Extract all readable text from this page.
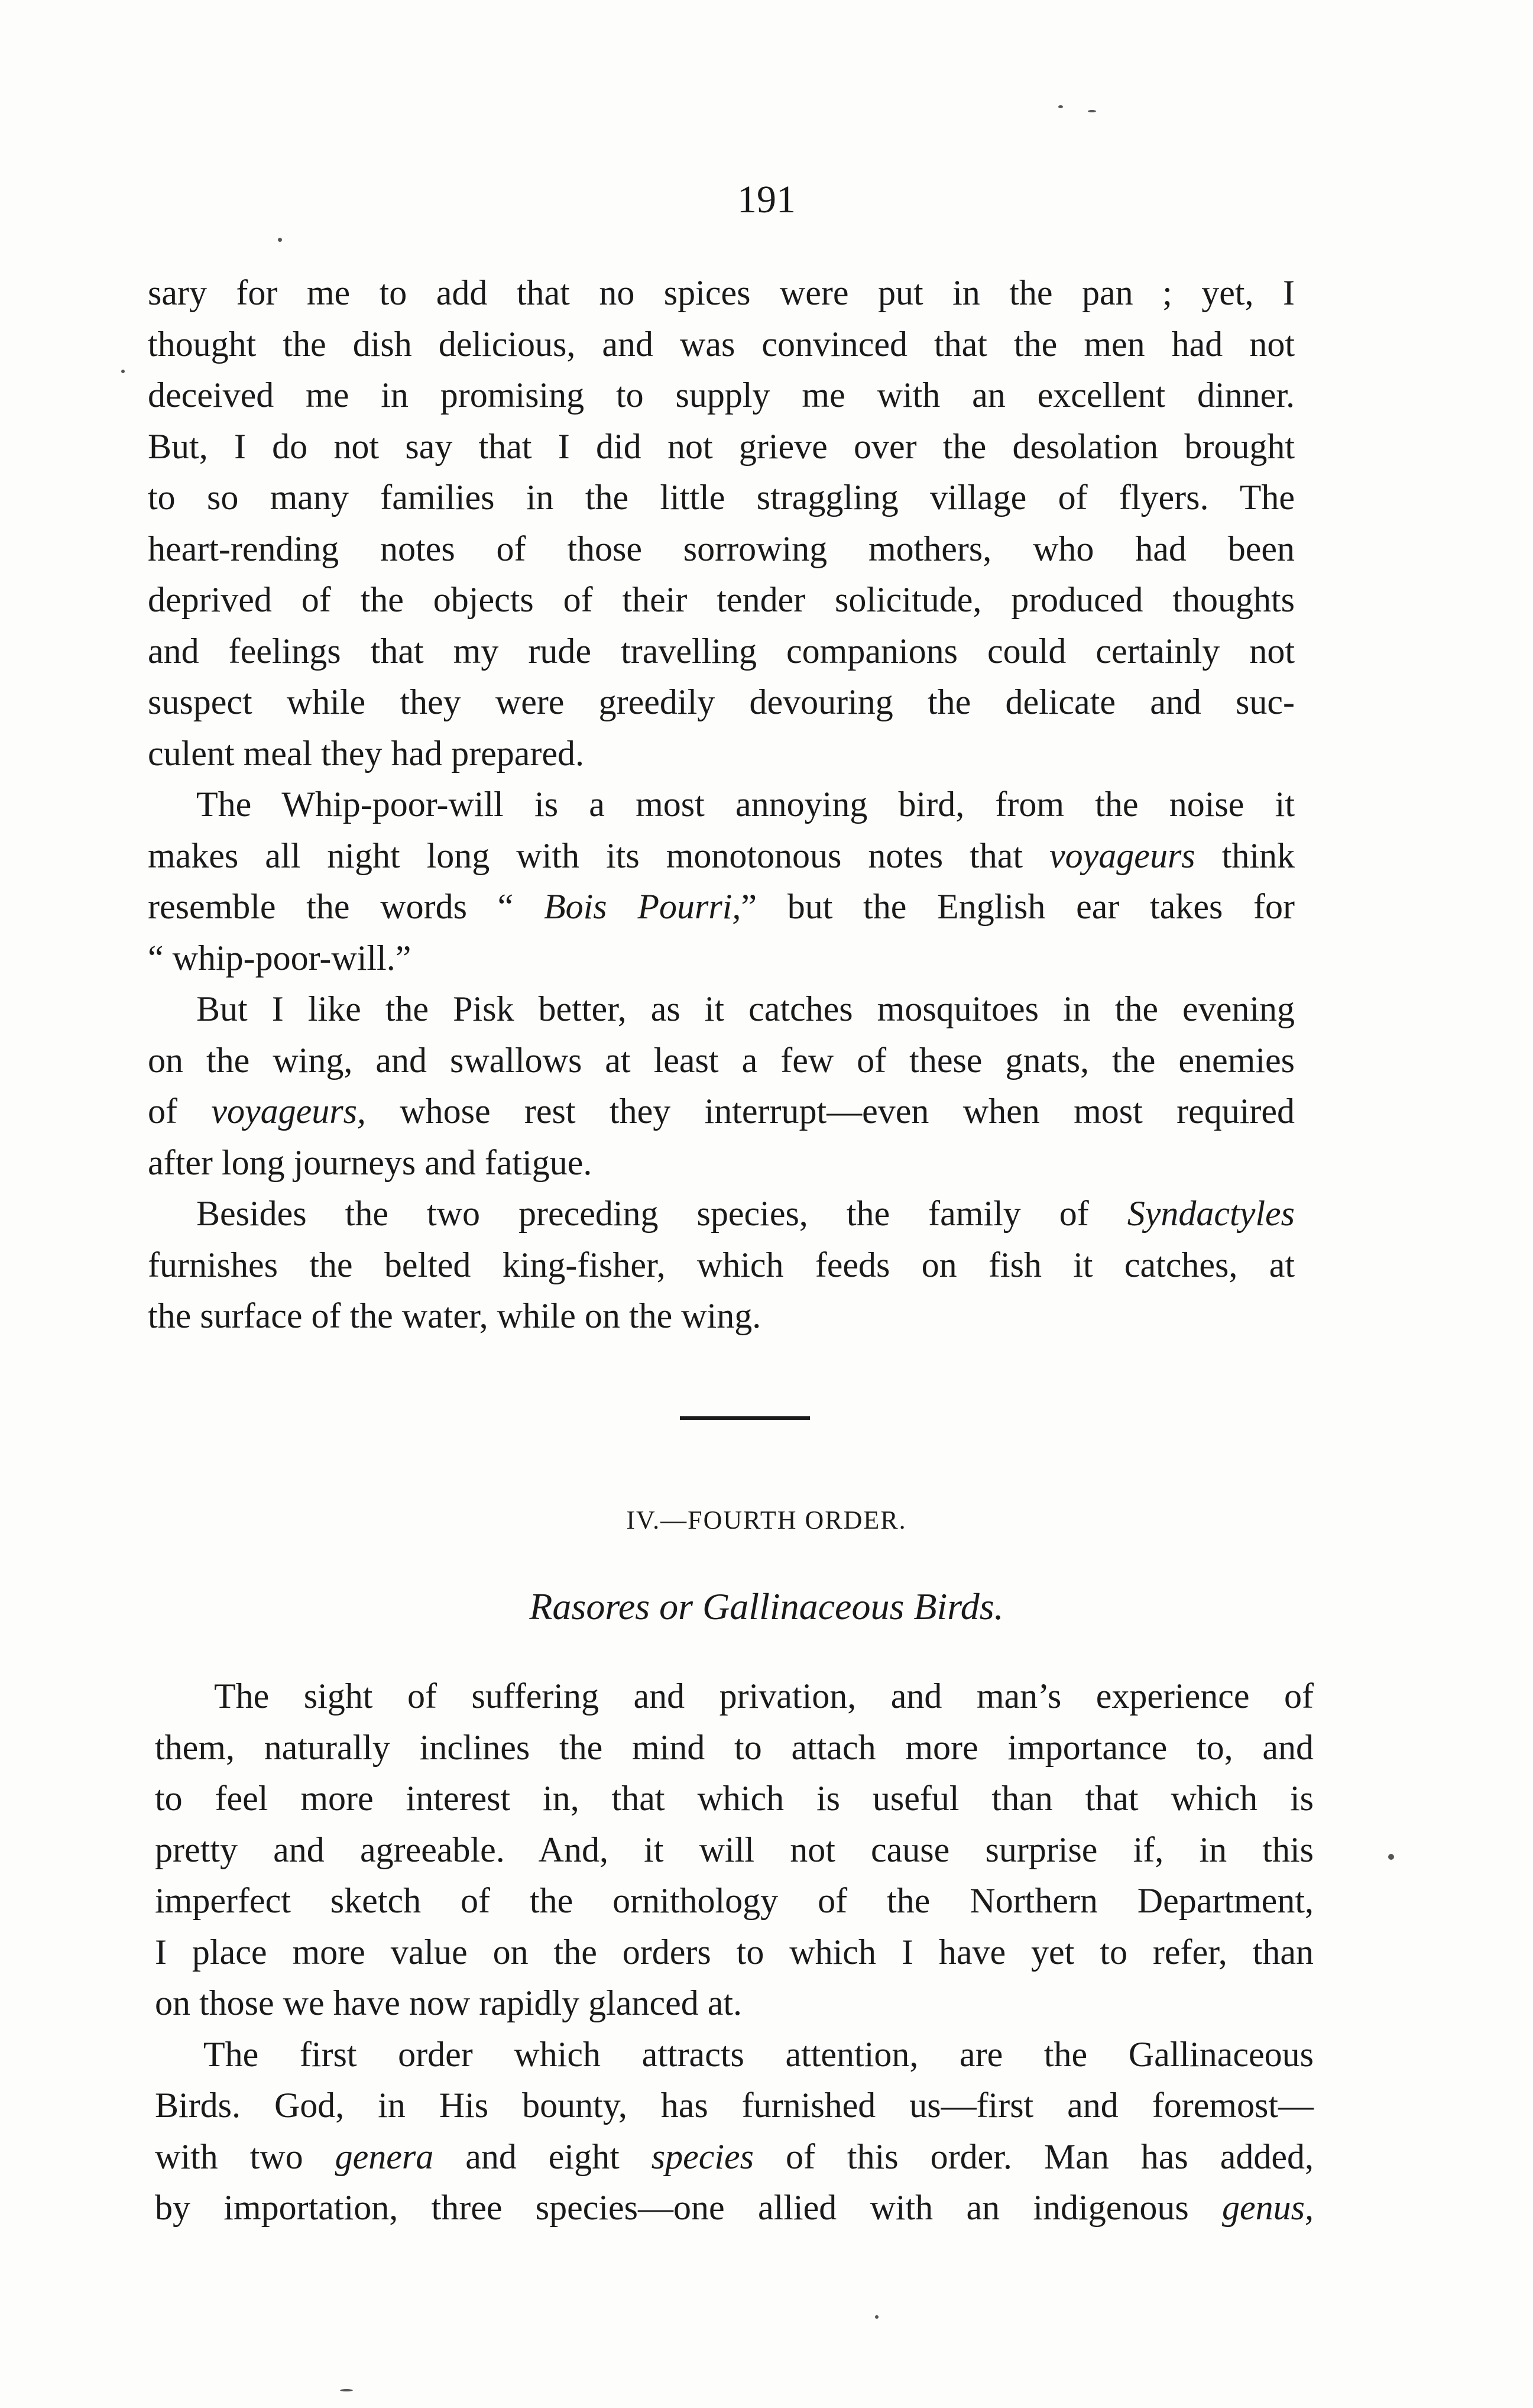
191
sary for me to add that no spices were put in the pan ; yet, I
thought the dish delicious, and was convinced that the men had not
deceived me in promising to supply me with an excellent dinner.
But, I do not say that I did not grieve over the desolation brought
to so many families in the little straggling village of flyers. The
heart-rending notes of those sorrowing mothers, who had been
deprived of the objects of their tender solicitude, produced thoughts
and feelings that my rude travelling companions could certainly not
suspect while they were greedily devouring the delicate and suc-
culent meal they had prepared.
The Whip-poor-will is a most annoying bird, from the noise it
makes all night long with its monotonous notes that voyageurs think
resemble the words “ Bois Pourri,” but the English ear takes for
“ whip-poor-will.”
But I like the Pisk better, as it catches mosquitoes in the evening
on the wing, and swallows at least a few of these gnats, the enemies
of voyageurs, whose rest they interrupt—even when most required
after long journeys and fatigue.
Besides the two preceding species, the family of Syndactyles
furnishes the belted king-fisher, which feeds on fish it catches, at
the surface of the water, while on the wing.
IV.—FOURTH ORDER.
Rasores or Gallinaceous Birds.
The sight of suffering and privation, and man’s experience of
them, naturally inclines the mind to attach more importance to, and
to feel more interest in, that which is useful than that which is
pretty and agreeable. And, it will not cause surprise if, in this
imperfect sketch of the ornithology of the Northern Department,
I place more value on the orders to which I have yet to refer, than
on those we have now rapidly glanced at.
The first order which attracts attention, are the Gallinaceous
Birds. God, in His bounty, has furnished us—first and foremost—
with two genera and eight species of this order. Man has added,
by importation, three species—one allied with an indigenous genus,
